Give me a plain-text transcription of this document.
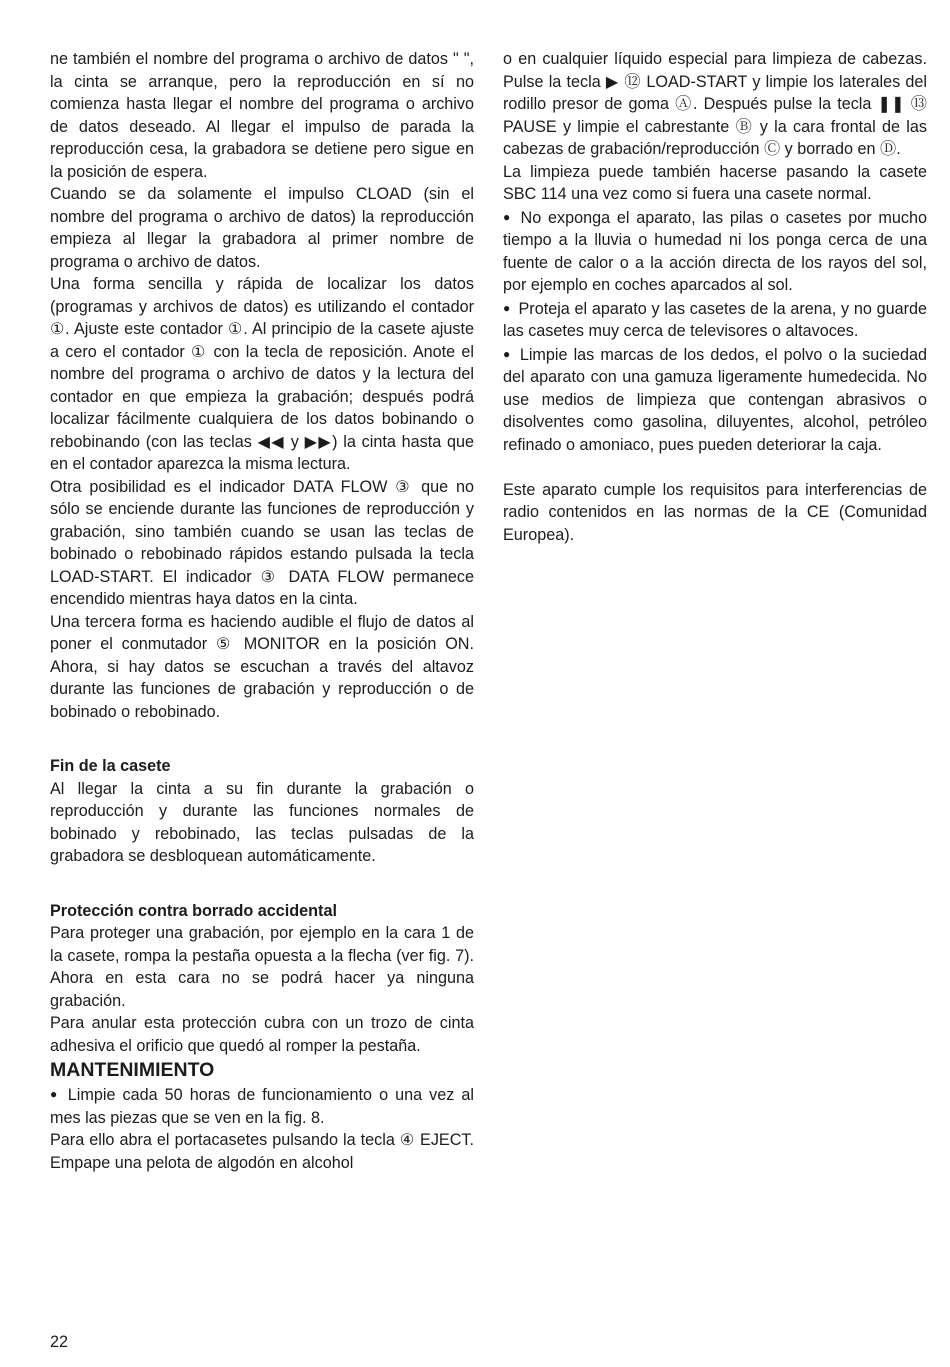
ne también el nombre del programa o archivo de datos " ", la cinta se arranque, pero la reproducción en sí no comienza hasta llegar el nombre del programa o archivo de datos deseado. Al llegar el impulso de parada la reproducción cesa, la grabadora se detiene pero sigue en la posición de espera.

Cuando se da solamente el impulso CLOAD (sin el nombre del programa o archivo de datos) la reproducción empieza al llegar la grabadora al primer nombre de programa o archivo de datos.

Una forma sencilla y rápida de localizar los datos (programas y archivos de datos) es utilizando el contador ①. Ajuste este contador ①. Al principio de la casete ajuste a cero el contador ① con la tecla de reposición. Anote el nombre del programa o archivo de datos y la lectura del contador en que empieza la grabación; después podrá localizar fácilmente cualquiera de los datos bobinando o rebobinando (con las teclas ◀◀ y ▶▶) la cinta hasta que en el contador aparezca la misma lectura.

Otra posibilidad es el indicador DATA FLOW ③ que no sólo se enciende durante las funciones de reproducción y grabación, sino también cuando se usan las teclas de bobinado o rebobinado rápidos estando pulsada la tecla LOAD-START. El indicador ③ DATA FLOW permanece encendido mientras haya datos en la cinta.

Una tercera forma es haciendo audible el flujo de datos al poner el conmutador ⑤ MONITOR en la posición ON. Ahora, si hay datos se escuchan a través del altavoz durante las funciones de grabación y reproducción o de bobinado o rebobinado.

Fin de la casete

Al llegar la cinta a su fin durante la grabación o reproducción y durante las funciones normales de bobinado y rebobinado, las teclas pulsadas de la grabadora se desbloquean automáticamente.

Protección contra borrado accidental

Para proteger una grabación, por ejemplo en la cara 1 de la casete, rompa la pestaña opuesta a la flecha (ver fig. 7). Ahora en esta cara no se podrá hacer ya ninguna grabación.

Para anular esta protección cubra con un trozo de cinta adhesiva el orificio que quedó al romper la pestaña.

MANTENIMIENTO

● Limpie cada 50 horas de funcionamiento o una vez al mes las piezas que se ven en la fig. 8.

Para ello abra el portacasetes pulsando la tecla ④ EJECT. Empape una pelota de algodón en alcohol

o en cualquier líquido especial para limpieza de cabezas. Pulse la tecla ▶ ⑫ LOAD-START y limpie los laterales del rodillo presor de goma Ⓐ. Después pulse la tecla ❚❚ ⑬ PAUSE y limpie el cabrestante Ⓑ y la cara frontal de las cabezas de grabación/reproducción Ⓒ y borrado en Ⓓ.

La limpieza puede también hacerse pasando la casete SBC 114 una vez como si fuera una casete normal.

● No exponga el aparato, las pilas o casetes por mucho tiempo a la lluvia o humedad ni los ponga cerca de una fuente de calor o a la acción directa de los rayos del sol, por ejemplo en coches aparcados al sol.

● Proteja el aparato y las casetes de la arena, y no guarde las casetes muy cerca de televisores o altavoces.

● Limpie las marcas de los dedos, el polvo o la suciedad del aparato con una gamuza ligeramente humedecida. No use medios de limpieza que contengan abrasivos o disolventes como gasolina, diluyentes, alcohol, petróleo refinado o amoniaco, pues pueden deteriorar la caja.

Este aparato cumple los requisitos para interferencias de radio contenidos en las normas de la CE (Comunidad Europea).

22
